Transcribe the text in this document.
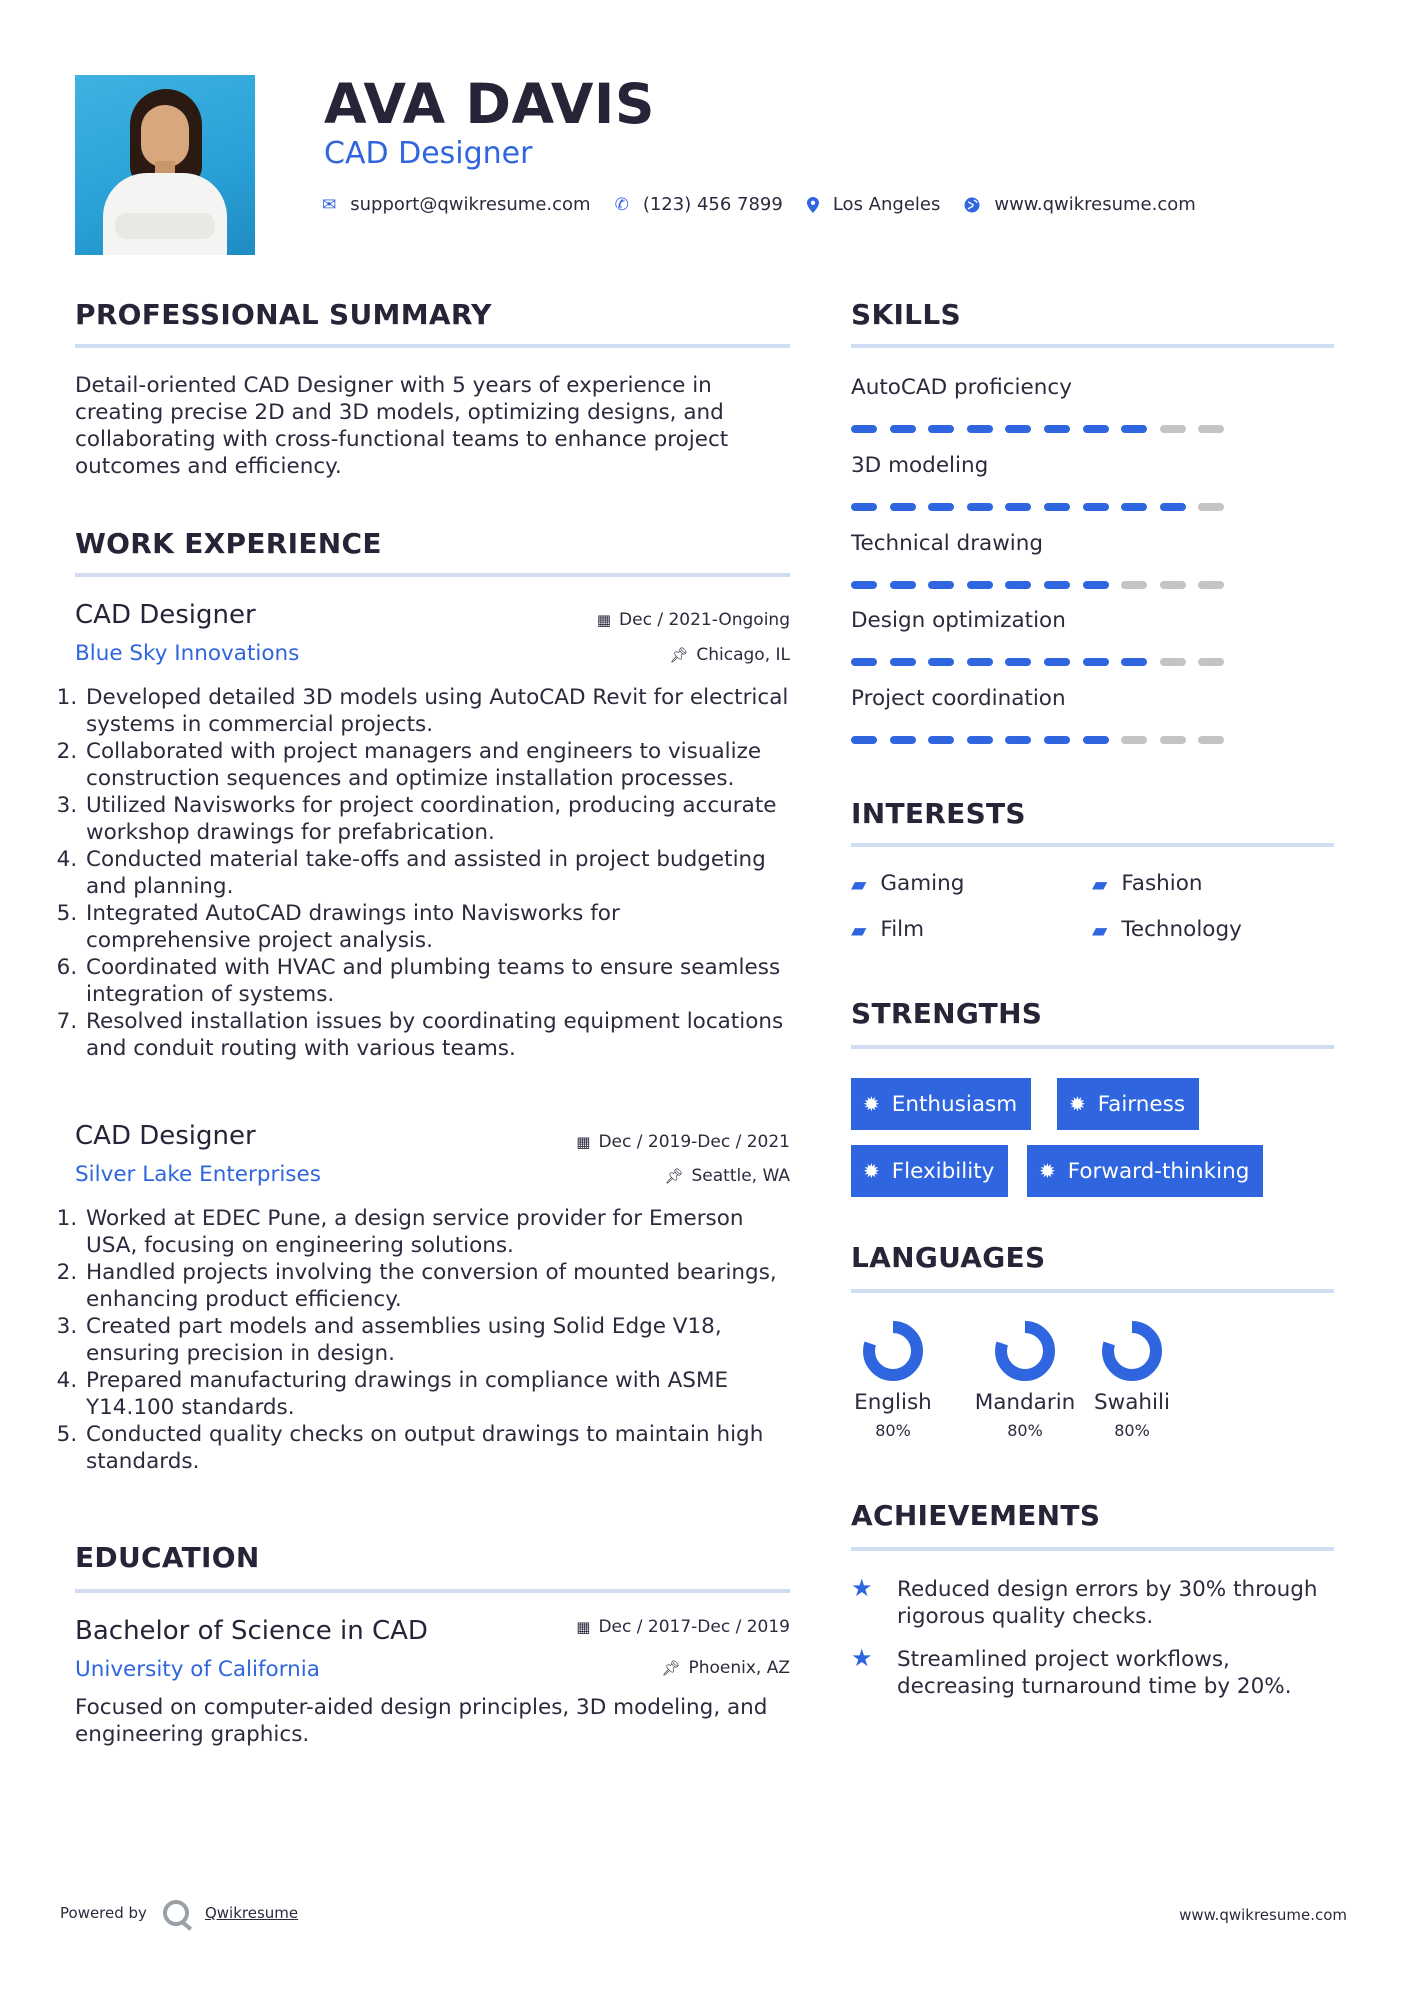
AVA DAVIS
CAD Designer
✉ support@qwikresume.com ✆ (123) 456 7899	Los Angeles	www.qwikresume.com
PROFESSIONAL SUMMARY
Detail-oriented CAD Designer with 5 years of experience in creating precise 2D and 3D models, optimizing designs, and collaborating with cross-functional teams to enhance project outcomes and efficiency.
WORK EXPERIENCE
CAD Designer	▦ Dec / 2021-Ongoing
Blue Sky Innovations	📌︎ Chicago, IL
1. Developed detailed 3D models using AutoCAD Revit for electrical systems in commercial projects.
2. Collaborated with project managers and engineers to visualize construction sequences and optimize installation processes.
3. Utilized Navisworks for project coordination, producing accurate workshop drawings for prefabrication.
4. Conducted material take-offs and assisted in project budgeting and planning.
5. Integrated AutoCAD drawings into Navisworks for comprehensive project analysis.
6. Coordinated with HVAC and plumbing teams to ensure seamless integration of systems.
7. Resolved installation issues by coordinating equipment locations and conduit routing with various teams.
CAD Designer	▦ Dec / 2019-Dec / 2021
Silver Lake Enterprises	📌︎ Seattle, WA
1. Worked at EDEC Pune, a design service provider for Emerson USA, focusing on engineering solutions.
2. Handled projects involving the conversion of mounted bearings, enhancing product efficiency.
3. Created part models and assemblies using Solid Edge V18, ensuring precision in design.
4. Prepared manufacturing drawings in compliance with ASME Y14.100 standards.
5. Conducted quality checks on output drawings to maintain high standards.
EDUCATION
Bachelor of Science in CAD	▦ Dec / 2017-Dec / 2019
University of California	📌︎ Phoenix, AZ
Focused on computer-aided design principles, 3D modeling, and engineering graphics.
SKILLS
AutoCAD proficiency
3D modeling
Technical drawing
Design optimization
Project coordination
INTERESTS
▰ Gaming	▰ Fashion
▰ Film	▰ Technology
STRENGTHS
✹ Enthusiasm	✹ Fairness
✹ Flexibility ✹ Forward-thinking
LANGUAGES
English
80%
Mandarin
80%
Swahili
80%
ACHIEVEMENTS
★	Reduced design errors by 30% through rigorous quality checks.
★	Streamlined project workflows, decreasing turnaround time by 20%.
Powered by	Qwikresume	www.qwikresume.com
